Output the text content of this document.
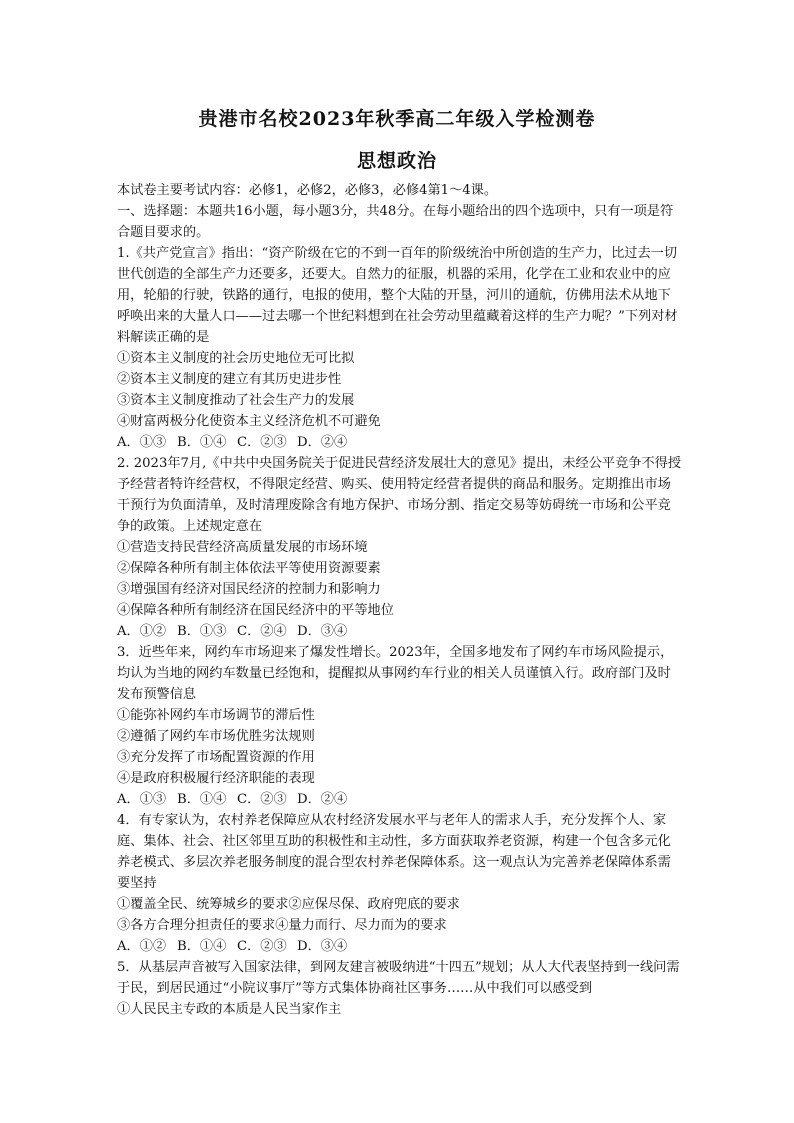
贵港市名校2023年秋季高二年级入学检测卷
思想政治

本试卷主要考试内容：必修1，必修2，必修3，必修4第1～4课。

一、选择题：本题共16小题，每小题3分，共48分。在每小题给出的四个选项中，只有一项是符合题目要求的。

1.《共产党宣言》指出：“资产阶级在它的不到一百年的阶级统治中所创造的生产力，比过去一切世代创造的全部生产力还要多，还要大。自然力的征服，机器的采用，化学在工业和农业中的应用，轮船的行驶，铁路的通行，电报的使用，整个大陆的开垦，河川的通航，仿佛用法术从地下呼唤出来的大量人口——过去哪一个世纪料想到在社会劳动里蕴藏着这样的生产力呢？”下列对材料解读正确的是

①资本主义制度的社会历史地位无可比拟

②资本主义制度的建立有其历史进步性

③资本主义制度推动了社会生产力的发展

④财富两极分化使资本主义经济危机不可避免

A．①③ B．①④ C．②③ D．②④

2. 2023年7月,《中共中央国务院关于促进民营经济发展壮大的意见》提出，未经公平竞争不得授予经营者特许经营权，不得限定经营、购买、使用特定经营者提供的商品和服务。定期推出市场干预行为负面清单，及时清理废除含有地方保护、市场分割、指定交易等妨碍统一市场和公平竞争的政策。上述规定意在

①营造支持民营经济高质量发展的市场环境

②保障各种所有制主体依法平等使用资源要素

③增强国有经济对国民经济的控制力和影响力

④保障各种所有制经济在国民经济中的平等地位

A．①② B．①③ C．②④ D．③④

3．近些年来，网约车市场迎来了爆发性增长。2023年，全国多地发布了网约车市场风险提示，均认为当地的网约车数量已经饱和，提醒拟从事网约车行业的相关人员谨慎入行。政府部门及时发布预警信息

①能弥补网约车市场调节的滞后性

②遵循了网约车市场优胜劣汰规则

③充分发挥了市场配置资源的作用

④是政府积极履行经济职能的表现

A．①③ B．①④ C．②③ D．②④

4．有专家认为，农村养老保障应从农村经济发展水平与老年人的需求人手，充分发挥个人、家庭、集体、社会、社区邻里互助的积极性和主动性，多方面获取养老资源，构建一个包含多元化养老模式、多层次养老服务制度的混合型农村养老保障体系。这一观点认为完善养老保障体系需要坚持

①覆盖全民、统筹城乡的要求②应保尽保、政府兜底的要求

③各方合理分担责任的要求④量力而行、尽力而为的要求

A．①② B．①④ C．②③ D．③④

5．从基层声音被写入国家法律，到网友建言被吸纳进“十四五”规划；从人大代表坚持到一线问需于民，到居民通过“小院议事厅”等方式集体协商社区事务……从中我们可以感受到

①人民民主专政的本质是人民当家作主
